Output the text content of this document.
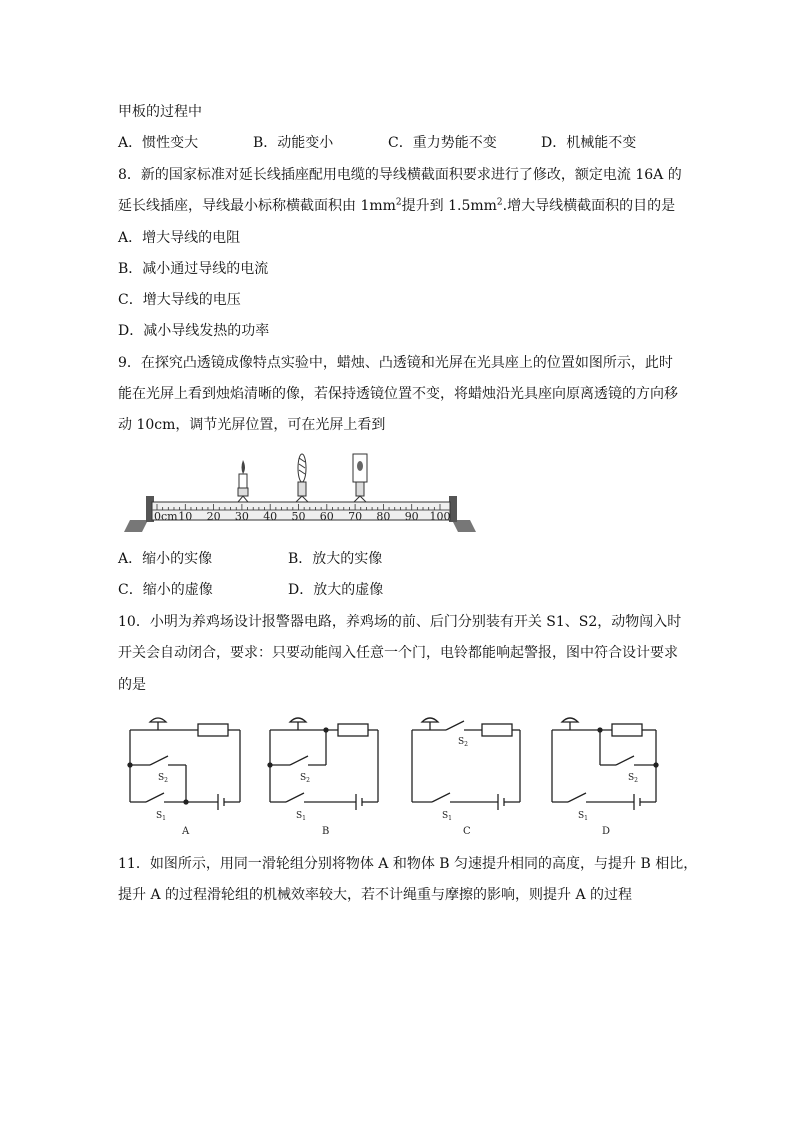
甲板的过程中
A．惯性变大	B．动能变小	C．重力势能不变	D．机械能不变
8．新的国家标准对延长线插座配用电缆的导线横截面积要求进行了修改，额定电流 16A 的
延长线插座，导线最小标称横截面积由 $1mm^2$提升到 $1.5mm^2$.增大导线横截面积的目的是
A．增大导线的电阻
B．减小通过导线的电流
C．增大导线的电压
D．减小导线发热的功率
9．在探究凸透镜成像特点实验中，蜡烛、凸透镜和光屏在光具座上的位置如图所示，此时
能在光屏上看到烛焰清晰的像，若保持透镜位置不变，将蜡烛沿光具座向原离透镜的方向移
动 10cm，调节光屏位置，可在光屏上看到
0cm 10 20 30 40 50 60 70 80 90 100
A．缩小的实像	B．放大的实像
C．缩小的虚像	D．放大的虚像
10．小明为养鸡场设计报警器电路，养鸡场的前、后门分别装有开关 S1、S2，动物闯入时
开关会自动闭合，要求：只要动能闯入任意一个门，电铃都能响起警报，图中符合设计要求
的是
$S_2$
$S_1$
$S_2$
$S_1$
$S_2$
$S_1$
$S_2$
$S_1$
A	B	C	D
11．如图所示，用同一滑轮组分别将物体 A 和物体 B 匀速提升相同的高度，与提升 B 相比，
提升 A 的过程滑轮组的机械效率较大，若不计绳重与摩擦的影响，则提升 A 的过程
